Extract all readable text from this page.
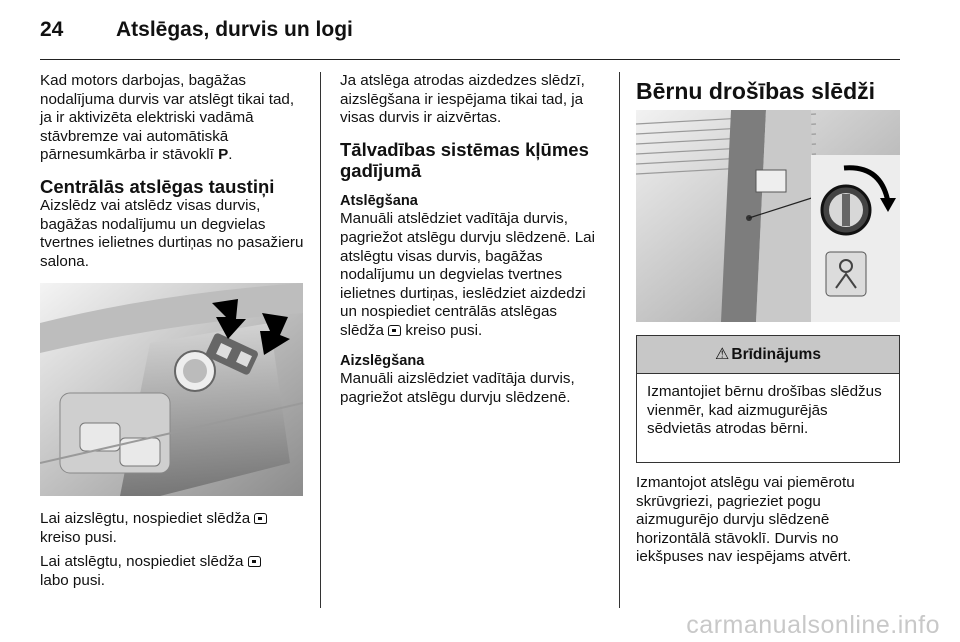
24	Atslēgas, durvis un logi

Kad motors darbojas, bagāžas nodalījuma durvis var atslēgt tikai tad, ja ir aktivizēta elektriski vadāmā stāvbremze vai automātiskā pārnesumkārba ir stāvoklī P.

Centrālās atslēgas taustiņi

Aizslēdz vai atslēdz visas durvis, bagāžas nodalījumu un degvielas tvertnes ielietnes durtiņas no pasažieru salona.

Lai aizslēgtu, nospiediet slēdža
kreiso pusi.

Lai atslēgtu, nospiediet slēdža
labo pusi.

Ja atslēga atrodas aizdedzes slēdzī, aizslēgšana ir iespējama tikai tad, ja visas durvis ir aizvērtas.

Tālvadības sistēmas kļūmes gadījumā

Atslēgšana

Manuāli atslēdziet vadītāja durvis, pagriežot atslēgu durvju slēdzenē. Lai atslēgtu visas durvis, bagāžas nodalījumu un degvielas tvertnes ielietnes durtiņas, ieslēdziet aizdedzi un nospiediet centrālās atslēgas slēdža  kreiso pusi.

Aizslēgšana

Manuāli aizslēdziet vadītāja durvis, pagriežot atslēgu durvju slēdzenē.

Bērnu drošības slēdži
⚠ Brīdinājums
Izmantojiet bērnu drošības slēdžus vienmēr, kad aizmugurējās sēdvietās atrodas bērni.

Izmantojot atslēgu vai piemērotu skrūvgriezi, pagrieziet pogu aizmugurējo durvju slēdzenē horizontālā stāvoklī. Durvis no iekšpuses nav iespējams atvērt.

carmanualsonline.info
